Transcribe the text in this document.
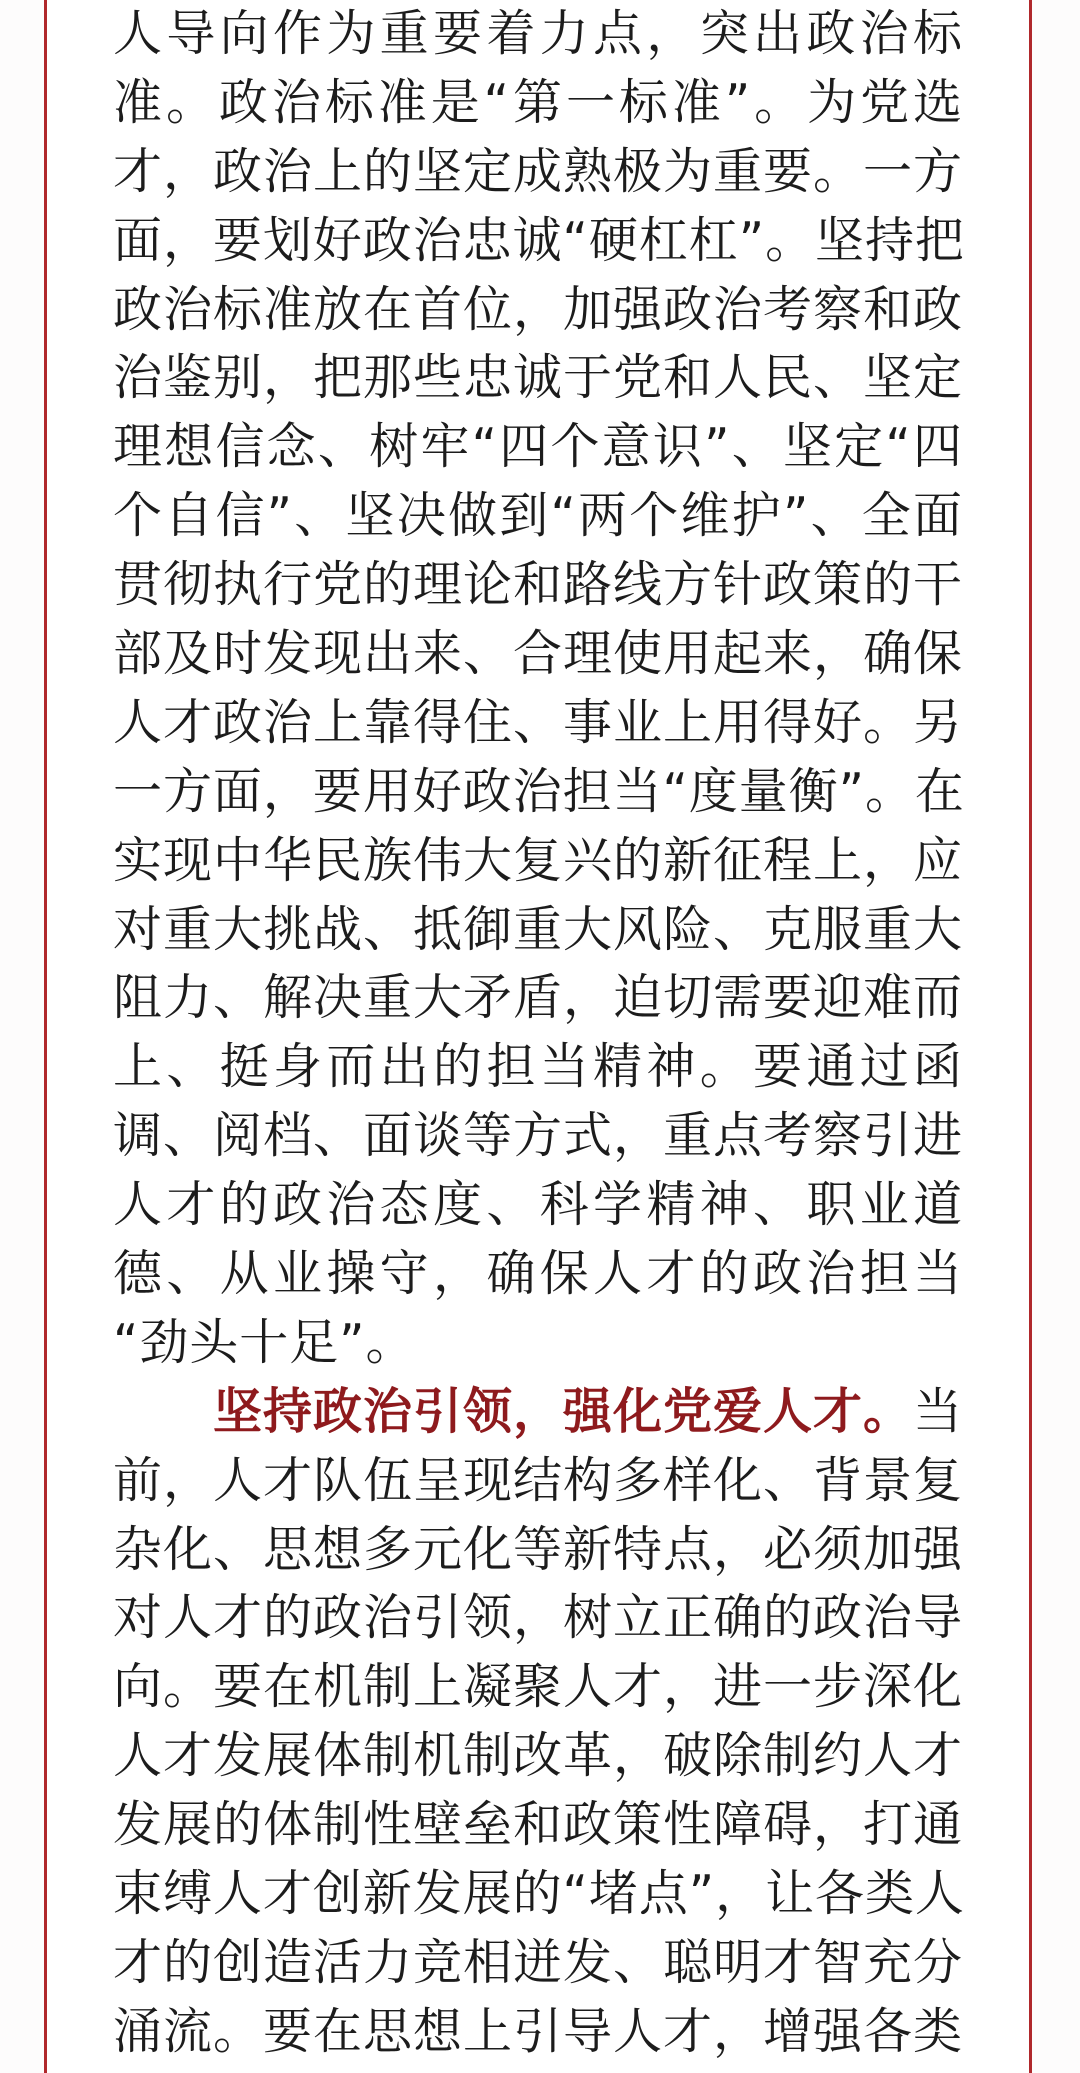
人导向作为重要着力点，突出政治标
准。政治标准是“第一标准”。为党选
才，政治上的坚定成熟极为重要。一方
面，要划好政治忠诚“硬杠杠”。坚持把
政治标准放在首位，加强政治考察和政
治鉴别，把那些忠诚于党和人民、坚定
理想信念、树牢“四个意识”、坚定“四
个自信”、坚决做到“两个维护”、全面
贯彻执行党的理论和路线方针政策的干
部及时发现出来、合理使用起来，确保
人才政治上靠得住、事业上用得好。另
一方面，要用好政治担当“度量衡”。在
实现中华民族伟大复兴的新征程上，应
对重大挑战、抵御重大风险、克服重大
阻力、解决重大矛盾，迫切需要迎难而
上、挺身而出的担当精神。要通过函
调、阅档、面谈等方式，重点考察引进
人才的政治态度、科学精神、职业道
德、从业操守，确保人才的政治担当
“劲头十足”。
坚持政治引领，强化党爱人才。当
前，人才队伍呈现结构多样化、背景复
杂化、思想多元化等新特点，必须加强
对人才的政治引领，树立正确的政治导
向。要在机制上凝聚人才，进一步深化
人才发展体制机制改革，破除制约人才
发展的体制性壁垒和政策性障碍，打通
束缚人才创新发展的“堵点”，让各类人
才的创造活力竞相迸发、聪明才智充分
涌流。要在思想上引导人才，增强各类
